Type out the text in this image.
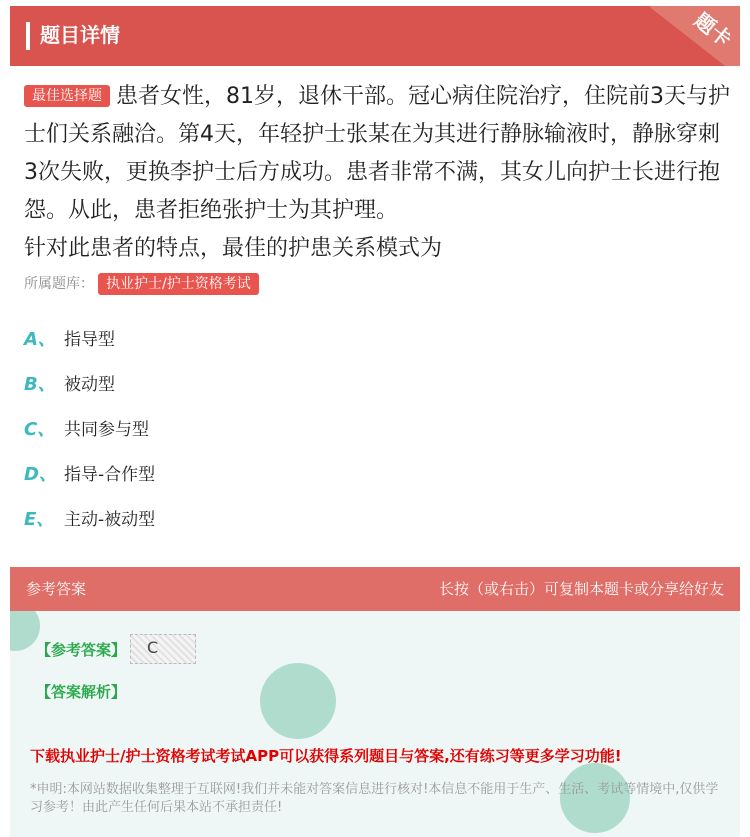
题目详情	题卡
最佳选择题 患者女性，81岁，退休干部。冠心病住院治疗，住院前3天与护士们关系融洽。第4天，年轻护士张某在为其进行静脉输液时，静脉穿刺3次失败，更换李护士后方成功。患者非常不满，其女儿向护士长进行抱怨。从此，患者拒绝张护士为其护理。
针对此患者的特点，最佳的护患关系模式为
所属题库： 执业护士/护士资格考试
A、 指导型
B、 被动型
C、 共同参与型
D、 指导-合作型
E、 主动-被动型
参考答案	长按（或右击）可复制本题卡或分享给好友
【参考答案】 C
【答案解析】
下载执业护士/护士资格考试考试APP可以获得系列题目与答案,还有练习等更多学习功能!
*申明:本网站数据收集整理于互联网!我们并未能对答案信息进行核对!本信息不能用于生产、生活、考试等情境中,仅供学习参考！由此产生任何后果本站不承担责任!
